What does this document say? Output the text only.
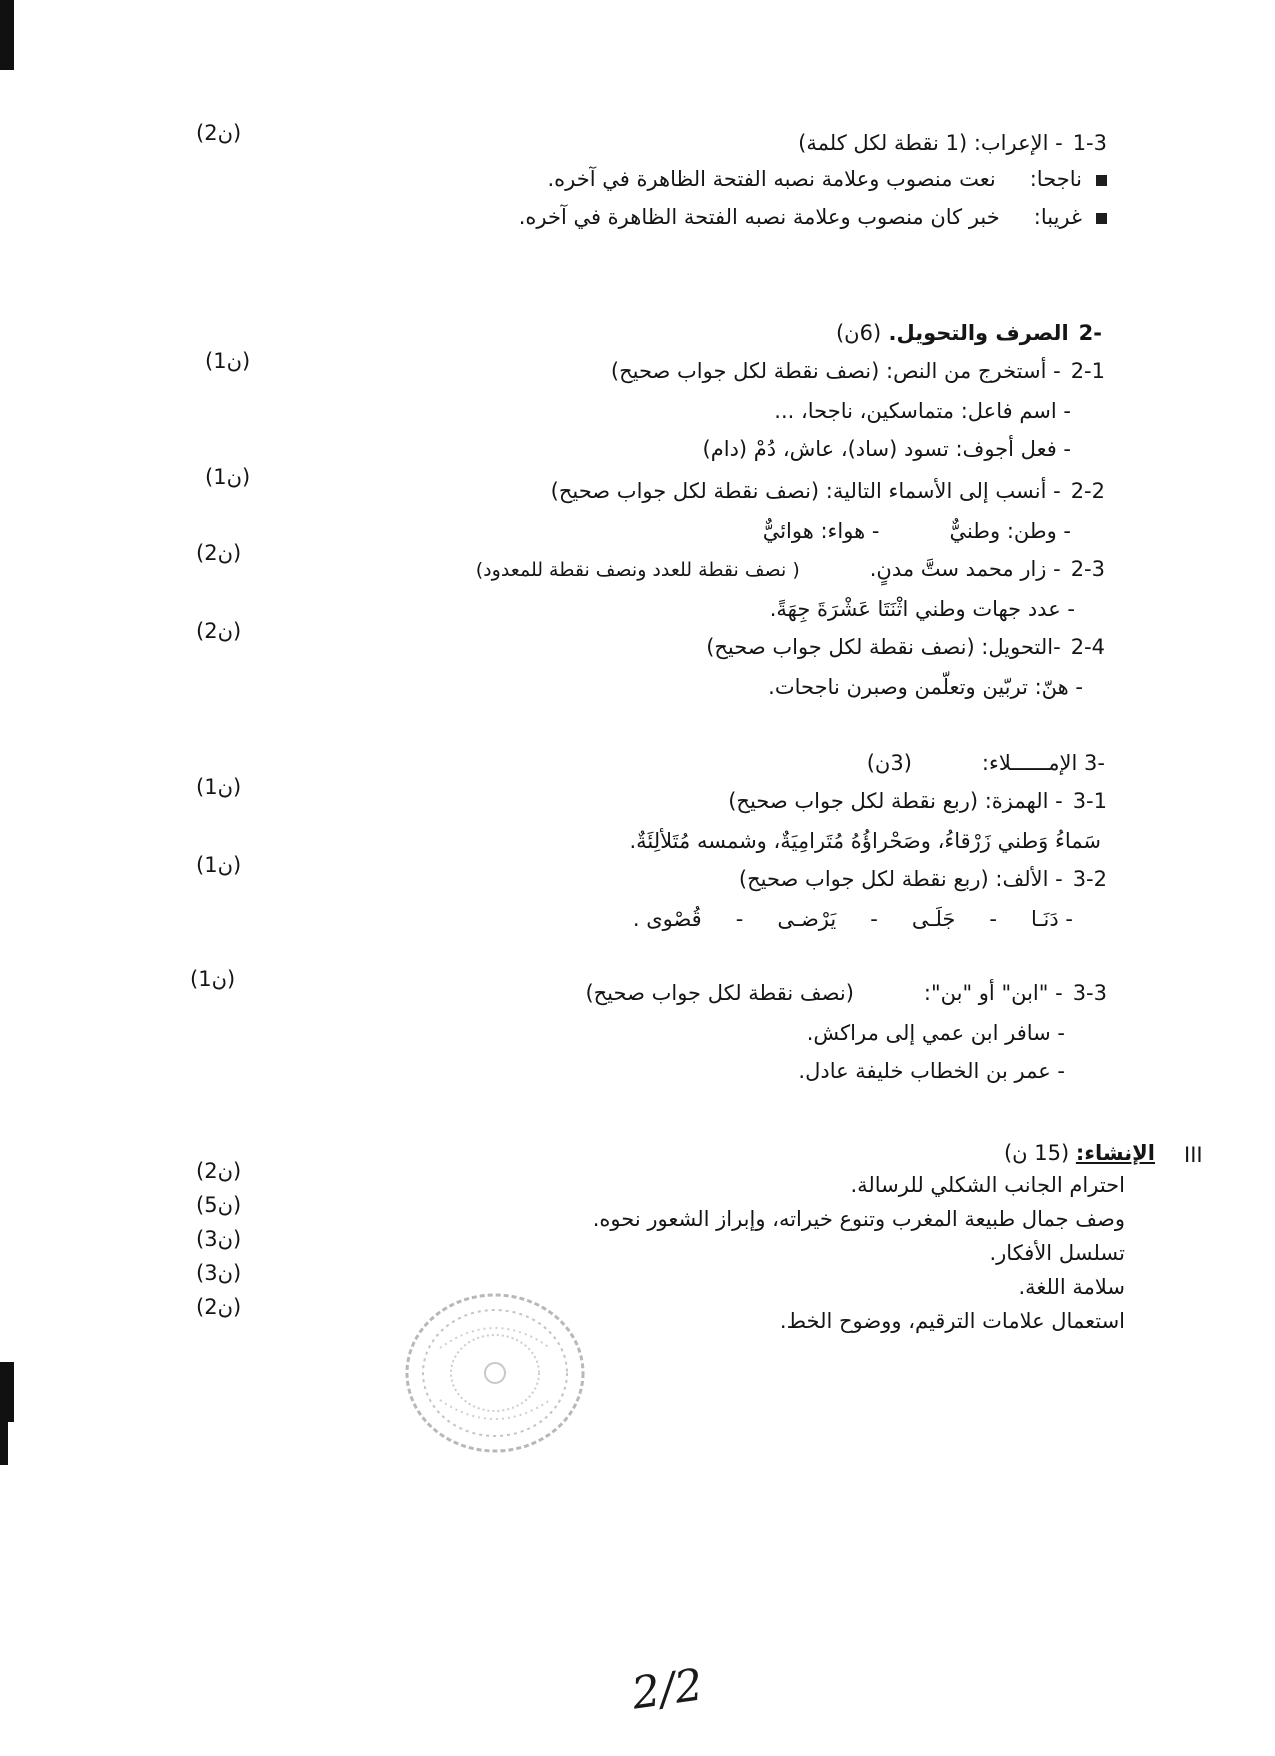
1-3- الإعراب: (1 نقطة لكل كلمة)
(ن2)
ناجحا:نعت منصوب وعلامة نصبه الفتحة الظاهرة في آخره.
غريبا:خبر كان منصوب وعلامة نصبه الفتحة الظاهرة في آخره.
-2الصرف والتحويل. (6ن)
2-1- أستخرج من النص: (نصف نقطة لكل جواب صحيح)
(ن1)
- اسم فاعل: متماسكين، ناجحا، ...
- فعل أجوف: تسود (ساد)، عاش، دُمْ (دام)
2-2- أنسب إلى الأسماء التالية: (نصف نقطة لكل جواب صحيح)
(ن1)
- وطن: وطنيٌّ- هواء: هوائيٌّ
2-3- زار محمد ستَّ مدنٍ.( نصف نقطة للعدد ونصف نقطة للمعدود)
(ن2)
- عدد جهات وطني اثْنَتَا عَشْرَةَ جِهَةً.
2-4-التحويل: (نصف نقطة لكل جواب صحيح)
(ن2)
- هنّ: تربّين وتعلّمن وصبرن ناجحات.
-3 الإمــــــلاء:(3ن)
3-1- الهمزة: (ربع نقطة لكل جواب صحيح)
(ن1)
سَماءُ وَطني زَرْقاءُ، وصَحْراؤُهُ مُتَرامِيَةٌ، وشمسه مُتَلألِئَةٌ.
3-2- الألف: (ربع نقطة لكل جواب صحيح)
(ن1)
- دَنَـا-جَلَـى-يَرْضـى-قُصْوى .
3-3- "ابن" أو "بن":(نصف نقطة لكل جواب صحيح)
(ن1)
- سافر ابن عمي إلى مراكش.
- عمر بن الخطاب خليفة عادل.
III
الإنشاء: (15 ن)
احترام الجانب الشكلي للرسالة.
(ن2)
وصف جمال طبيعة المغرب وتنوع خيراته، وإبراز الشعور نحوه.
(ن5)
تسلسل الأفكار.
(ن3)
سلامة اللغة.
(ن3)
استعمال علامات الترقيم، ووضوح الخط.
(ن2)
2/2
